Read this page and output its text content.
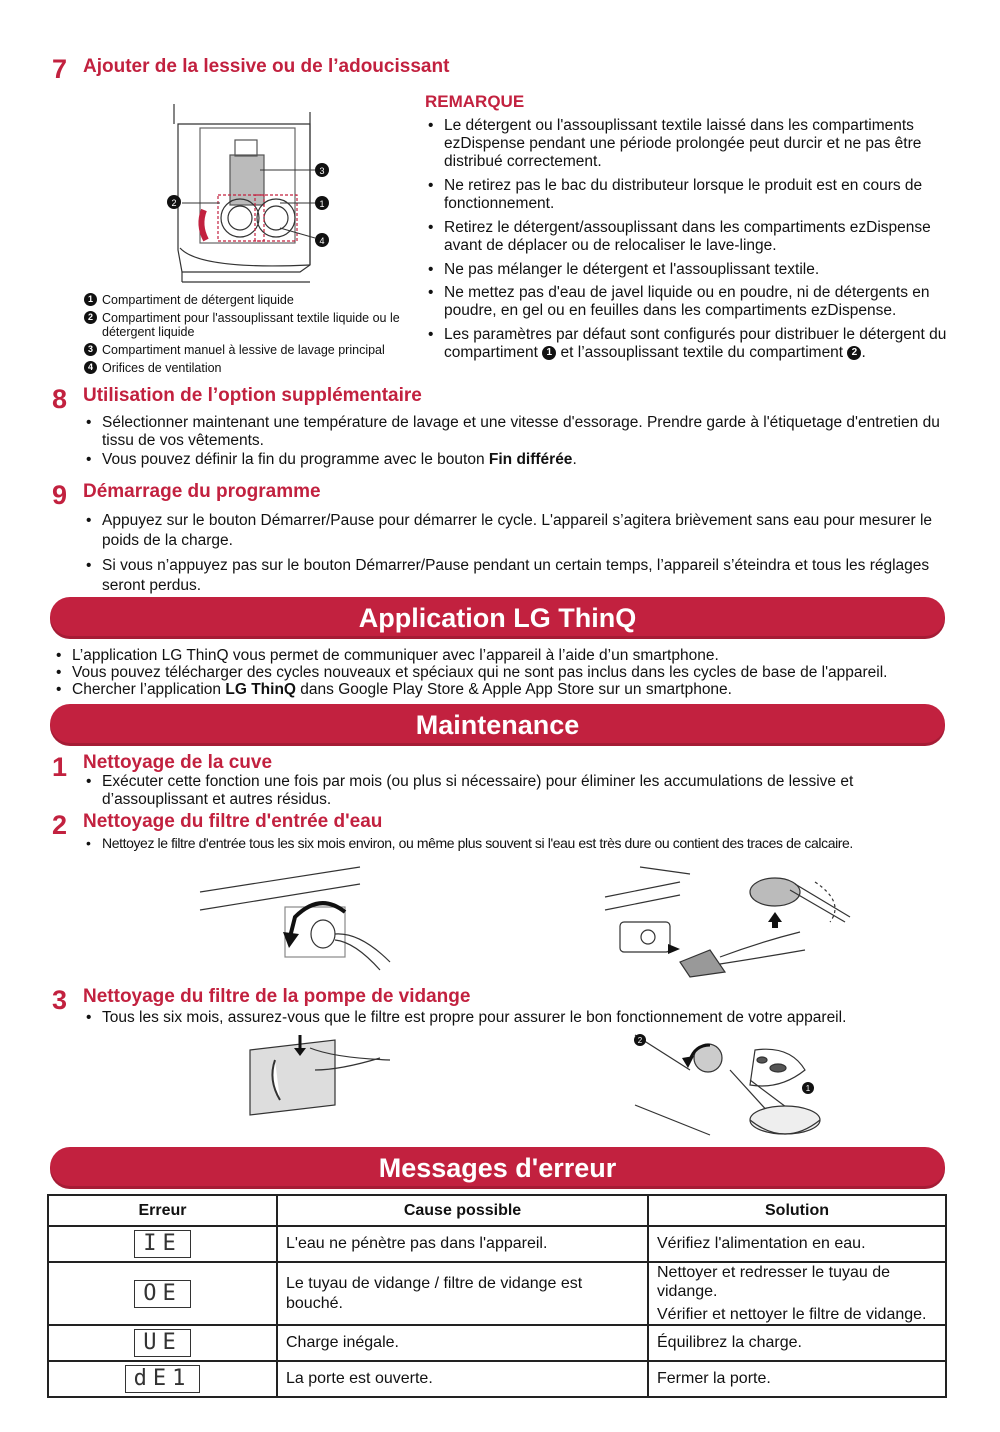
7 Ajouter de la lessive ou de l’adoucissant
2
3
1
4
1 Compartiment de détergent liquide
2 Compartiment pour l'assouplissant textile liquide ou le détergent liquide
3 Compartiment manuel à lessive de lavage principal
4 Orifices de ventilation
REMARQUE
• Le détergent ou l'assouplissant textile laissé dans les compartiments ezDispense pendant une période prolongée peut durcir et ne pas être distribué correctement.
• Ne retirez pas le bac du distributeur lorsque le produit est en cours de fonctionnement.
• Retirez le détergent/assouplissant dans les compartiments ezDispense avant de déplacer ou de relocaliser le lave-linge.
• Ne pas mélanger le détergent et l'assouplissant textile.
• Ne mettez pas d'eau de javel liquide ou en poudre, ni de détergents en poudre, en gel ou en feuilles dans les compartiments ezDispense.
• Les paramètres par défaut sont configurés pour distribuer le détergent du compartiment 1 et l’assouplissant textile du compartiment 2 .
8 Utilisation de l’option supplémentaire
• Sélectionner maintenant une température de lavage et une vitesse d'essorage. Prendre garde à l'étiquetage d'entretien du tissu de vos vêtements.
• Vous pouvez définir la fin du programme avec le bouton Fin différée.
9 Démarrage du programme
• Appuyez sur le bouton Démarrer/Pause pour démarrer le cycle. L'appareil s’agitera brièvement sans eau pour mesurer le poids de la charge.
• Si vous n’appuyez pas sur le bouton Démarrer/Pause pendant un certain temps, l’appareil s’éteindra et tous les réglages seront perdus.
Application LG ThinQ
• L’application LG ThinQ vous permet de communiquer avec l’appareil à l’aide d’un smartphone.
• Vous pouvez télécharger des cycles nouveaux et spéciaux qui ne sont pas inclus dans les cycles de base de l'appareil.
• Chercher l’application LG ThinQ dans Google Play Store & Apple App Store sur un smartphone.
Maintenance
1 Nettoyage de la cuve
• Exécuter cette fonction une fois par mois (ou plus si nécessaire) pour éliminer les accumulations de lessive et d’assouplissant et autres résidus.
2 Nettoyage du filtre d'entrée d'eau
• Nettoyez le filtre d'entrée tous les six mois environ, ou même plus souvent si l'eau est très dure ou contient des traces de calcaire.
3 Nettoyage du filtre de la pompe de vidange
• Tous les six mois, assurez-vous que le filtre est propre pour assurer le bon fonctionnement de votre appareil.
2
1
Messages d'erreur
Erreur	Cause possible	Solution
IE	L'eau ne pénètre pas dans l'appareil.	Vérifiez l'alimentation en eau.
OE	Le tuyau de vidange / filtre de vidange est bouché.	Nettoyer et redresser le tuyau de vidange.
Vérifier et nettoyer le filtre de vidange.

UE	Charge inégale.	Équilibrez la charge.
dE1	La porte est ouverte.	Fermer la porte.
